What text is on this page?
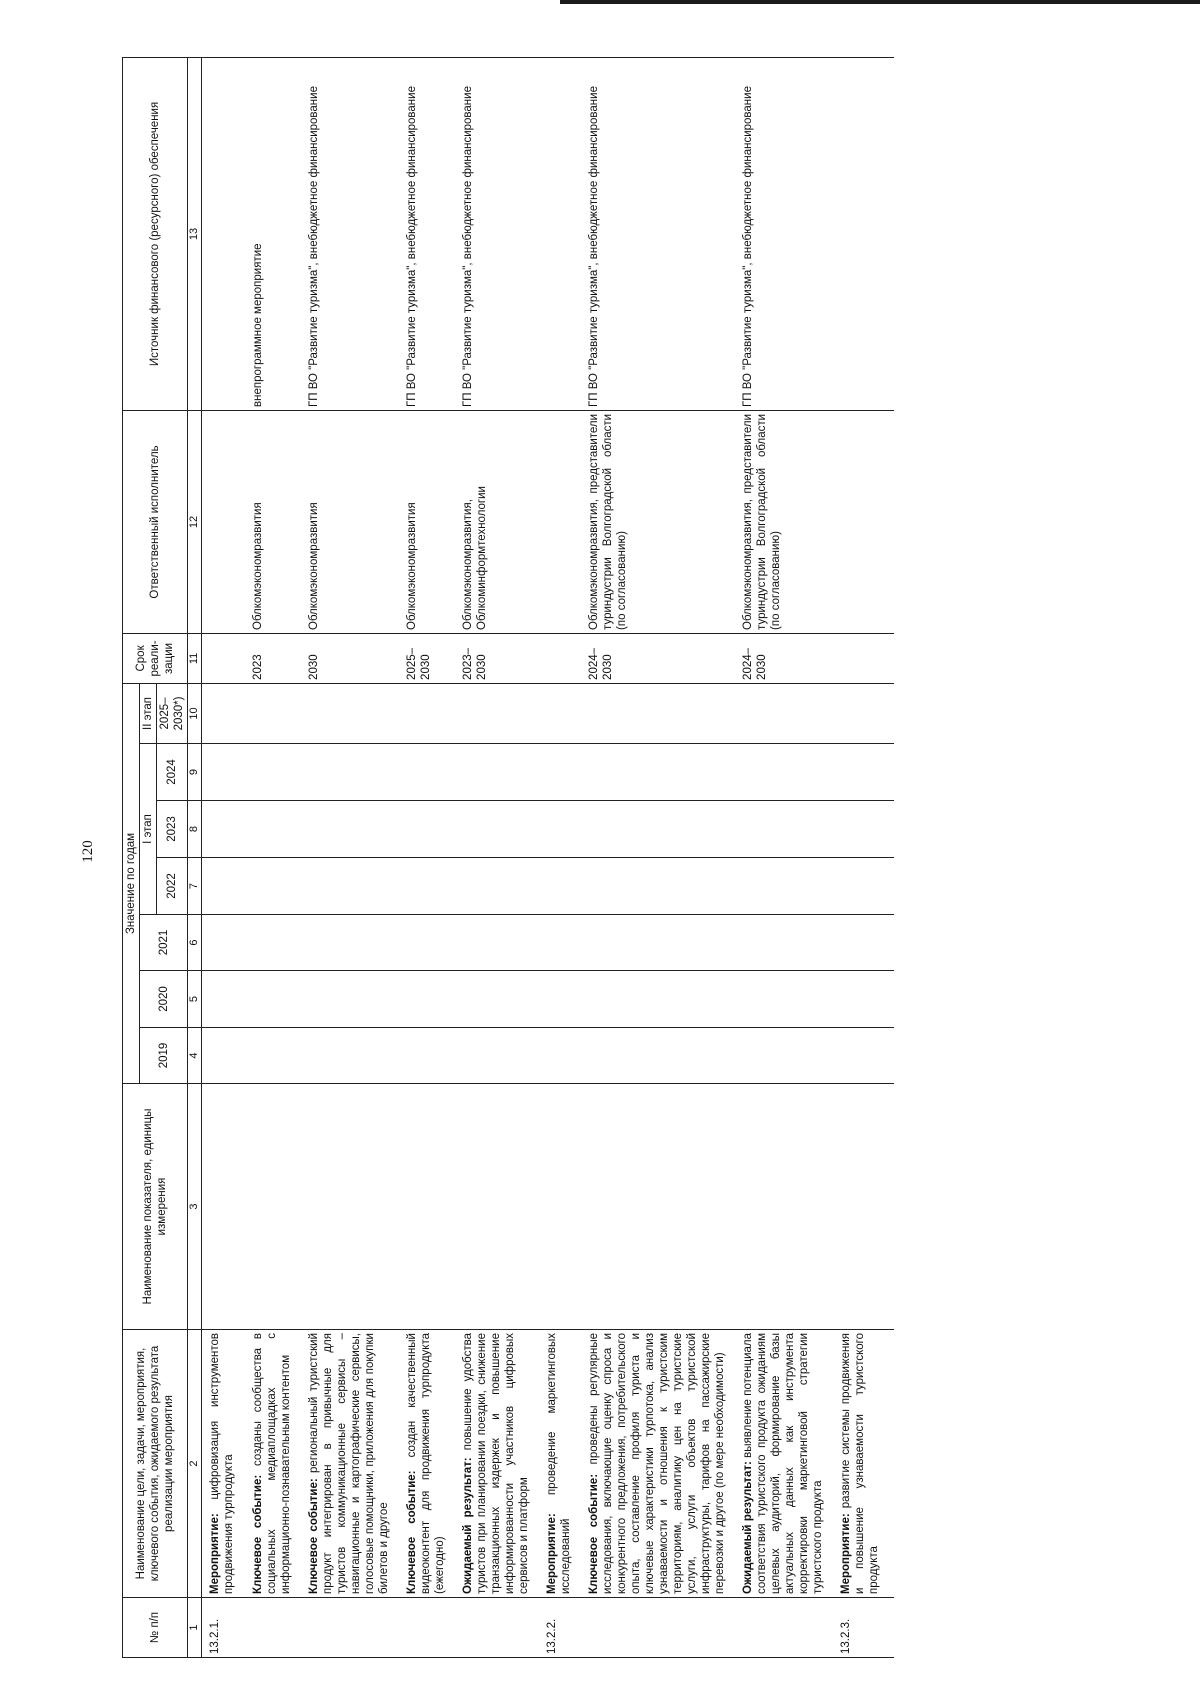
120
№ п/п	Наименование цели, задачи, мероприятия, ключевого события, ожидаемого результата реализации мероприятия	Наименование показателя, единицы измерения	Значение по годам							Срок реали-зации	Ответственный исполнитель	Источник финансового (ресурсного) обеспечения
			2019	2020	2021	I этап			II этап			
						2022	2023	2024	2025–2030*)			
1	2	3	4	5	6	7	8	9	10	11	12	13
13.2.1.	Мероприятие: цифровизация инструментов продвижения турпродукта											

	Ключевое событие: созданы сообщества в социальных медиаплощадках с информационно-познавательным контентом									2023	Облкомэкономразвития	внепрограммное мероприятие

	Ключевое событие: региональный туристский продукт интегрирован в привычные для туристов коммуникационные сервисы – навигационные и картографические сервисы, голосовые помощники, приложения для покупки билетов и другое									2030	Облкомэкономразвития	ГП ВО "Развитие туризма", внебюджетное финансирование

	Ключевое событие: создан качественный видеоконтент для продвижения турпродукта (ежегодно)									2025–2030	Облкомэкономразвития	ГП ВО "Развитие туризма", внебюджетное финансирование

	Ожидаемый результат: повышение удобства туристов при планировании поездки, снижение транзакционных издержек и повышение информированности участников цифровых сервисов и платформ									2023–2030	Облкомэкономразвития, Облкоминформтехнологии	ГП ВО "Развитие туризма", внебюджетное финансирование

13.2.2.	Мероприятие: проведение маркетинговых исследований											

	Ключевое событие: проведены регулярные исследования, включающие оценку спроса и конкурентного предложения, потребительского опыта, составление профиля туриста и ключевые характеристики турпотока, анализ узнаваемости и отношения к туристским территориям, аналитику цен на туристские услуги, услуги объектов туристской инфраструктуры, тарифов на пассажирские перевозки и другое (по мере необходимости)									2024–2030	Облкомэкономразвития, представители туриндустрии Волгоградской области (по согласованию)	ГП ВО "Развитие туризма", внебюджетное финансирование

	Ожидаемый результат: выявление потенциала соответствия туристского продукта ожиданиям целевых аудиторий, формирование базы актуальных данных как инструмента корректировки маркетинговой стратегии туристского продукта									2024–2030	Облкомэкономразвития, представители туриндустрии Волгоградской области (по согласованию)	ГП ВО "Развитие туризма", внебюджетное финансирование

13.2.3.	Мероприятие: развитие системы продвижения и повышение узнаваемости туристского продукта											
